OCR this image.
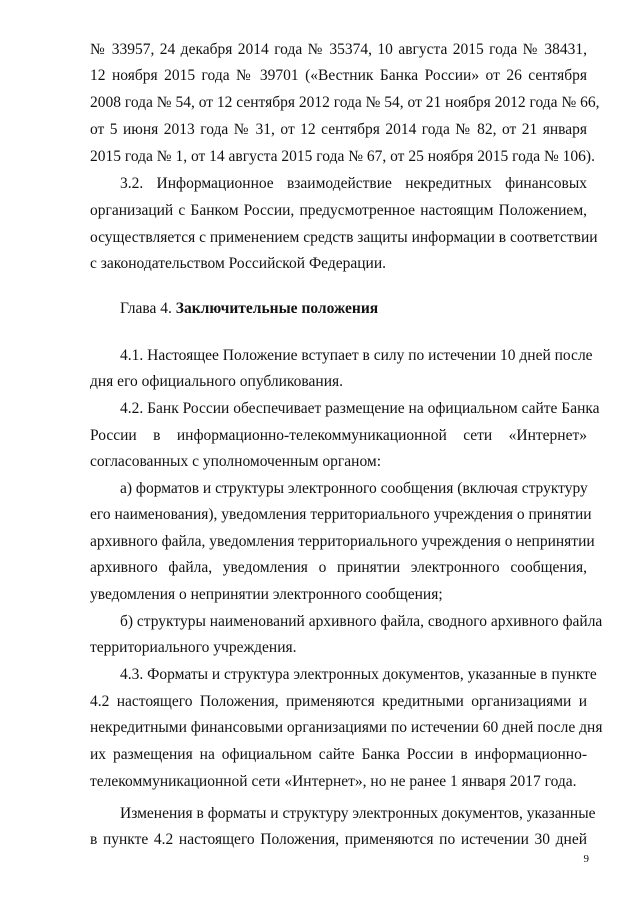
№ 33957, 24 декабря 2014 года № 35374, 10 августа 2015 года № 38431,
12 ноября 2015 года № 39701 («Вестник Банка России» от 26 сентября
2008 года № 54, от 12 сентября 2012 года № 54, от 21 ноября 2012 года № 66,
от 5 июня 2013 года № 31, от 12 сентября 2014 года № 82, от 21 января
2015 года № 1, от 14 августа 2015 года № 67, от 25 ноября 2015 года № 106).
3.2. Информационное взаимодействие некредитных финансовых
организаций с Банком России, предусмотренное настоящим Положением,
осуществляется с применением средств защиты информации в соответствии
с законодательством Российской Федерации.
Глава 4. Заключительные положения
4.1. Настоящее Положение вступает в силу по истечении 10 дней после
дня его официального опубликования.
4.2. Банк России обеспечивает размещение на официальном сайте Банка
России в информационно-телекоммуникационной сети «Интернет»
согласованных с уполномоченным органом:
а) форматов и структуры электронного сообщения (включая структуру
его наименования), уведомления территориального учреждения о принятии
архивного файла, уведомления территориального учреждения о непринятии
архивного файла, уведомления о принятии электронного сообщения,
уведомления о непринятии электронного сообщения;
б) структуры наименований архивного файла, сводного архивного файла
территориального учреждения.
4.3. Форматы и структура электронных документов, указанные в пункте
4.2 настоящего Положения, применяются кредитными организациями и
некредитными финансовыми организациями по истечении 60 дней после дня
их размещения на официальном сайте Банка России в информационно-
телекоммуникационной сети «Интернет», но не ранее 1 января 2017 года.
Изменения в форматы и структуру электронных документов, указанные
в пункте 4.2 настоящего Положения, применяются по истечении 30 дней
9
